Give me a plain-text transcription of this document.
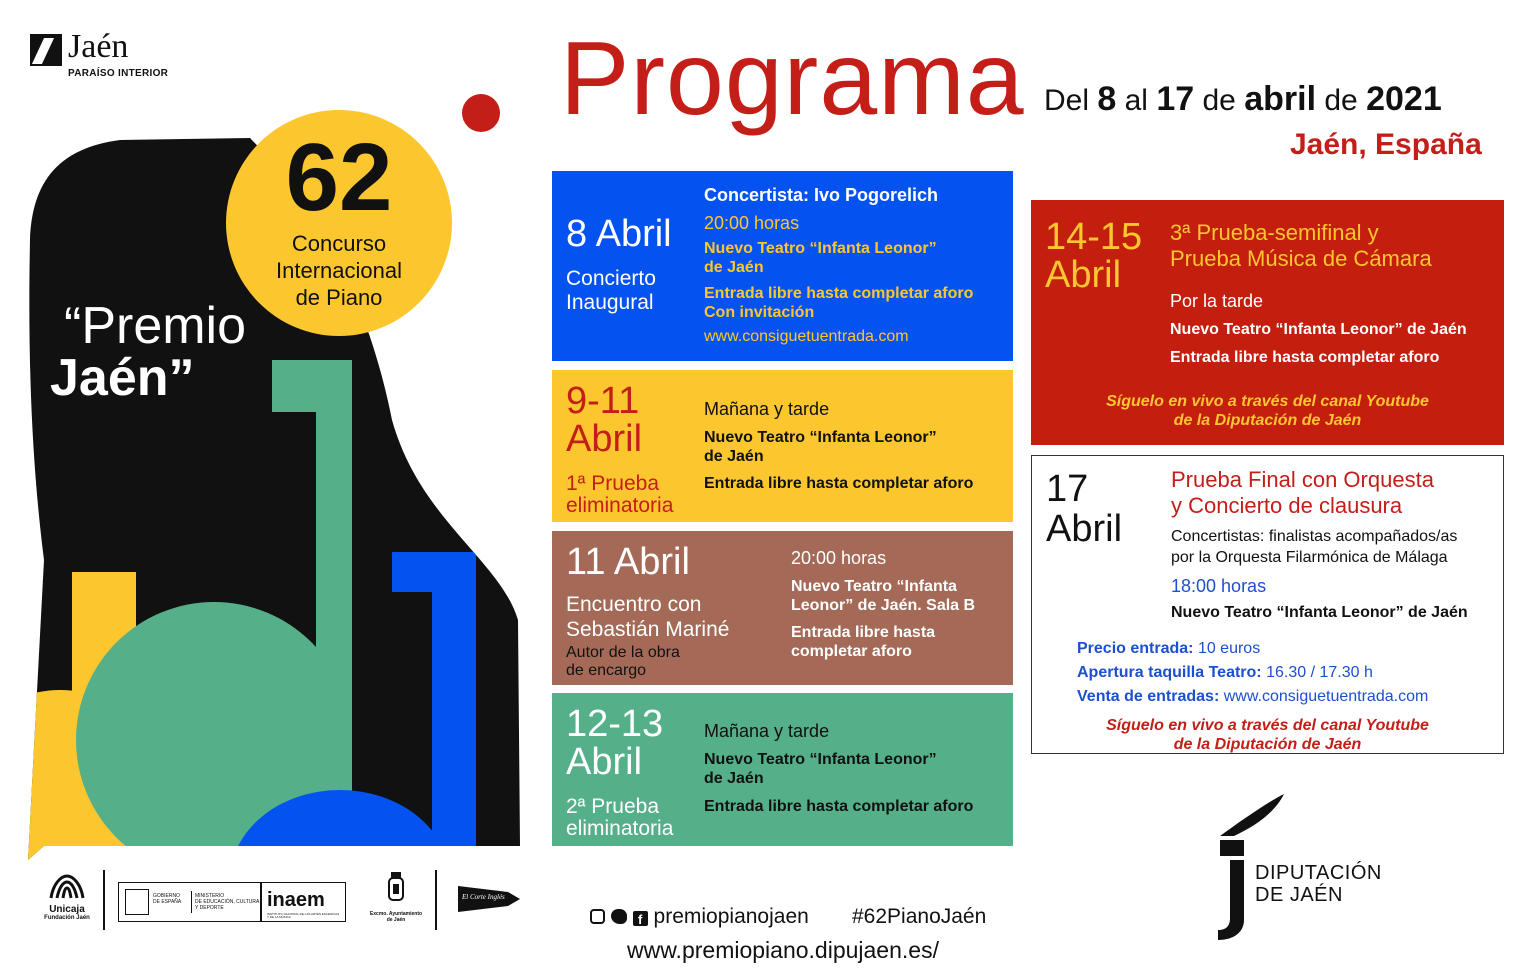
Jaén
PARAÍSO INTERIOR
62
Concurso
Internacional
de Piano
“Premio
Jaén”
Programa Del 8 al 17 de abril de 2021
Jaén, España
8 Abril
Concierto
Inaugural
Concertista: Ivo Pogorelich
20:00 horas
Nuevo Teatro “Infanta Leonor”
de Jaén
Entrada libre hasta completar aforo
Con invitación
www.consiguetuentrada.com
9-11
Abril
1ª Prueba
eliminatoria
Mañana y tarde
Nuevo Teatro “Infanta Leonor”
de Jaén
Entrada libre hasta completar aforo
11 Abril
Encuentro con
Sebastián Mariné
Autor de la obra
de encargo
20:00 horas
Nuevo Teatro “Infanta
Leonor” de Jaén. Sala B
Entrada libre hasta
completar aforo
12-13
Abril
2ª Prueba
eliminatoria
Mañana y tarde
Nuevo Teatro “Infanta Leonor”
de Jaén
Entrada libre hasta completar aforo
14-15
Abril
3ª Prueba-semifinal y
Prueba Música de Cámara
Por la tarde
Nuevo Teatro “Infanta Leonor” de Jaén
Entrada libre hasta completar aforo
Síguelo en vivo a través del canal Youtube
de la Diputación de Jaén
17
Abril
Prueba Final con Orquesta
y Concierto de clausura
Concertistas: finalistas acompañados/as
por la Orquesta Filarmónica de Málaga
18:00 horas
Nuevo Teatro “Infanta Leonor” de Jaén
Precio entrada: 10 euros
Apertura taquilla Teatro: 16.30 / 17.30 h
Venta de entradas: www.consiguetuentrada.com
Síguelo en vivo a través del canal Youtube
de la Diputación de Jaén
Unicaja
Fundación Jaén
GOBIERNO
DE ESPAÑA
MINISTERIO
DE EDUCACIÓN, CULTURA
Y DEPORTE	inaem
INSTITUTO NACIONAL DE LAS ARTES ESCÉNICAS Y DE LA MÚSICA	Excmo. Ayuntamiento
de Jaén
El Corte Inglés
f premiopianojaen #62PianoJaén
www.premiopiano.dipujaen.es/
DIPUTACIÓN
DE JAÉN
